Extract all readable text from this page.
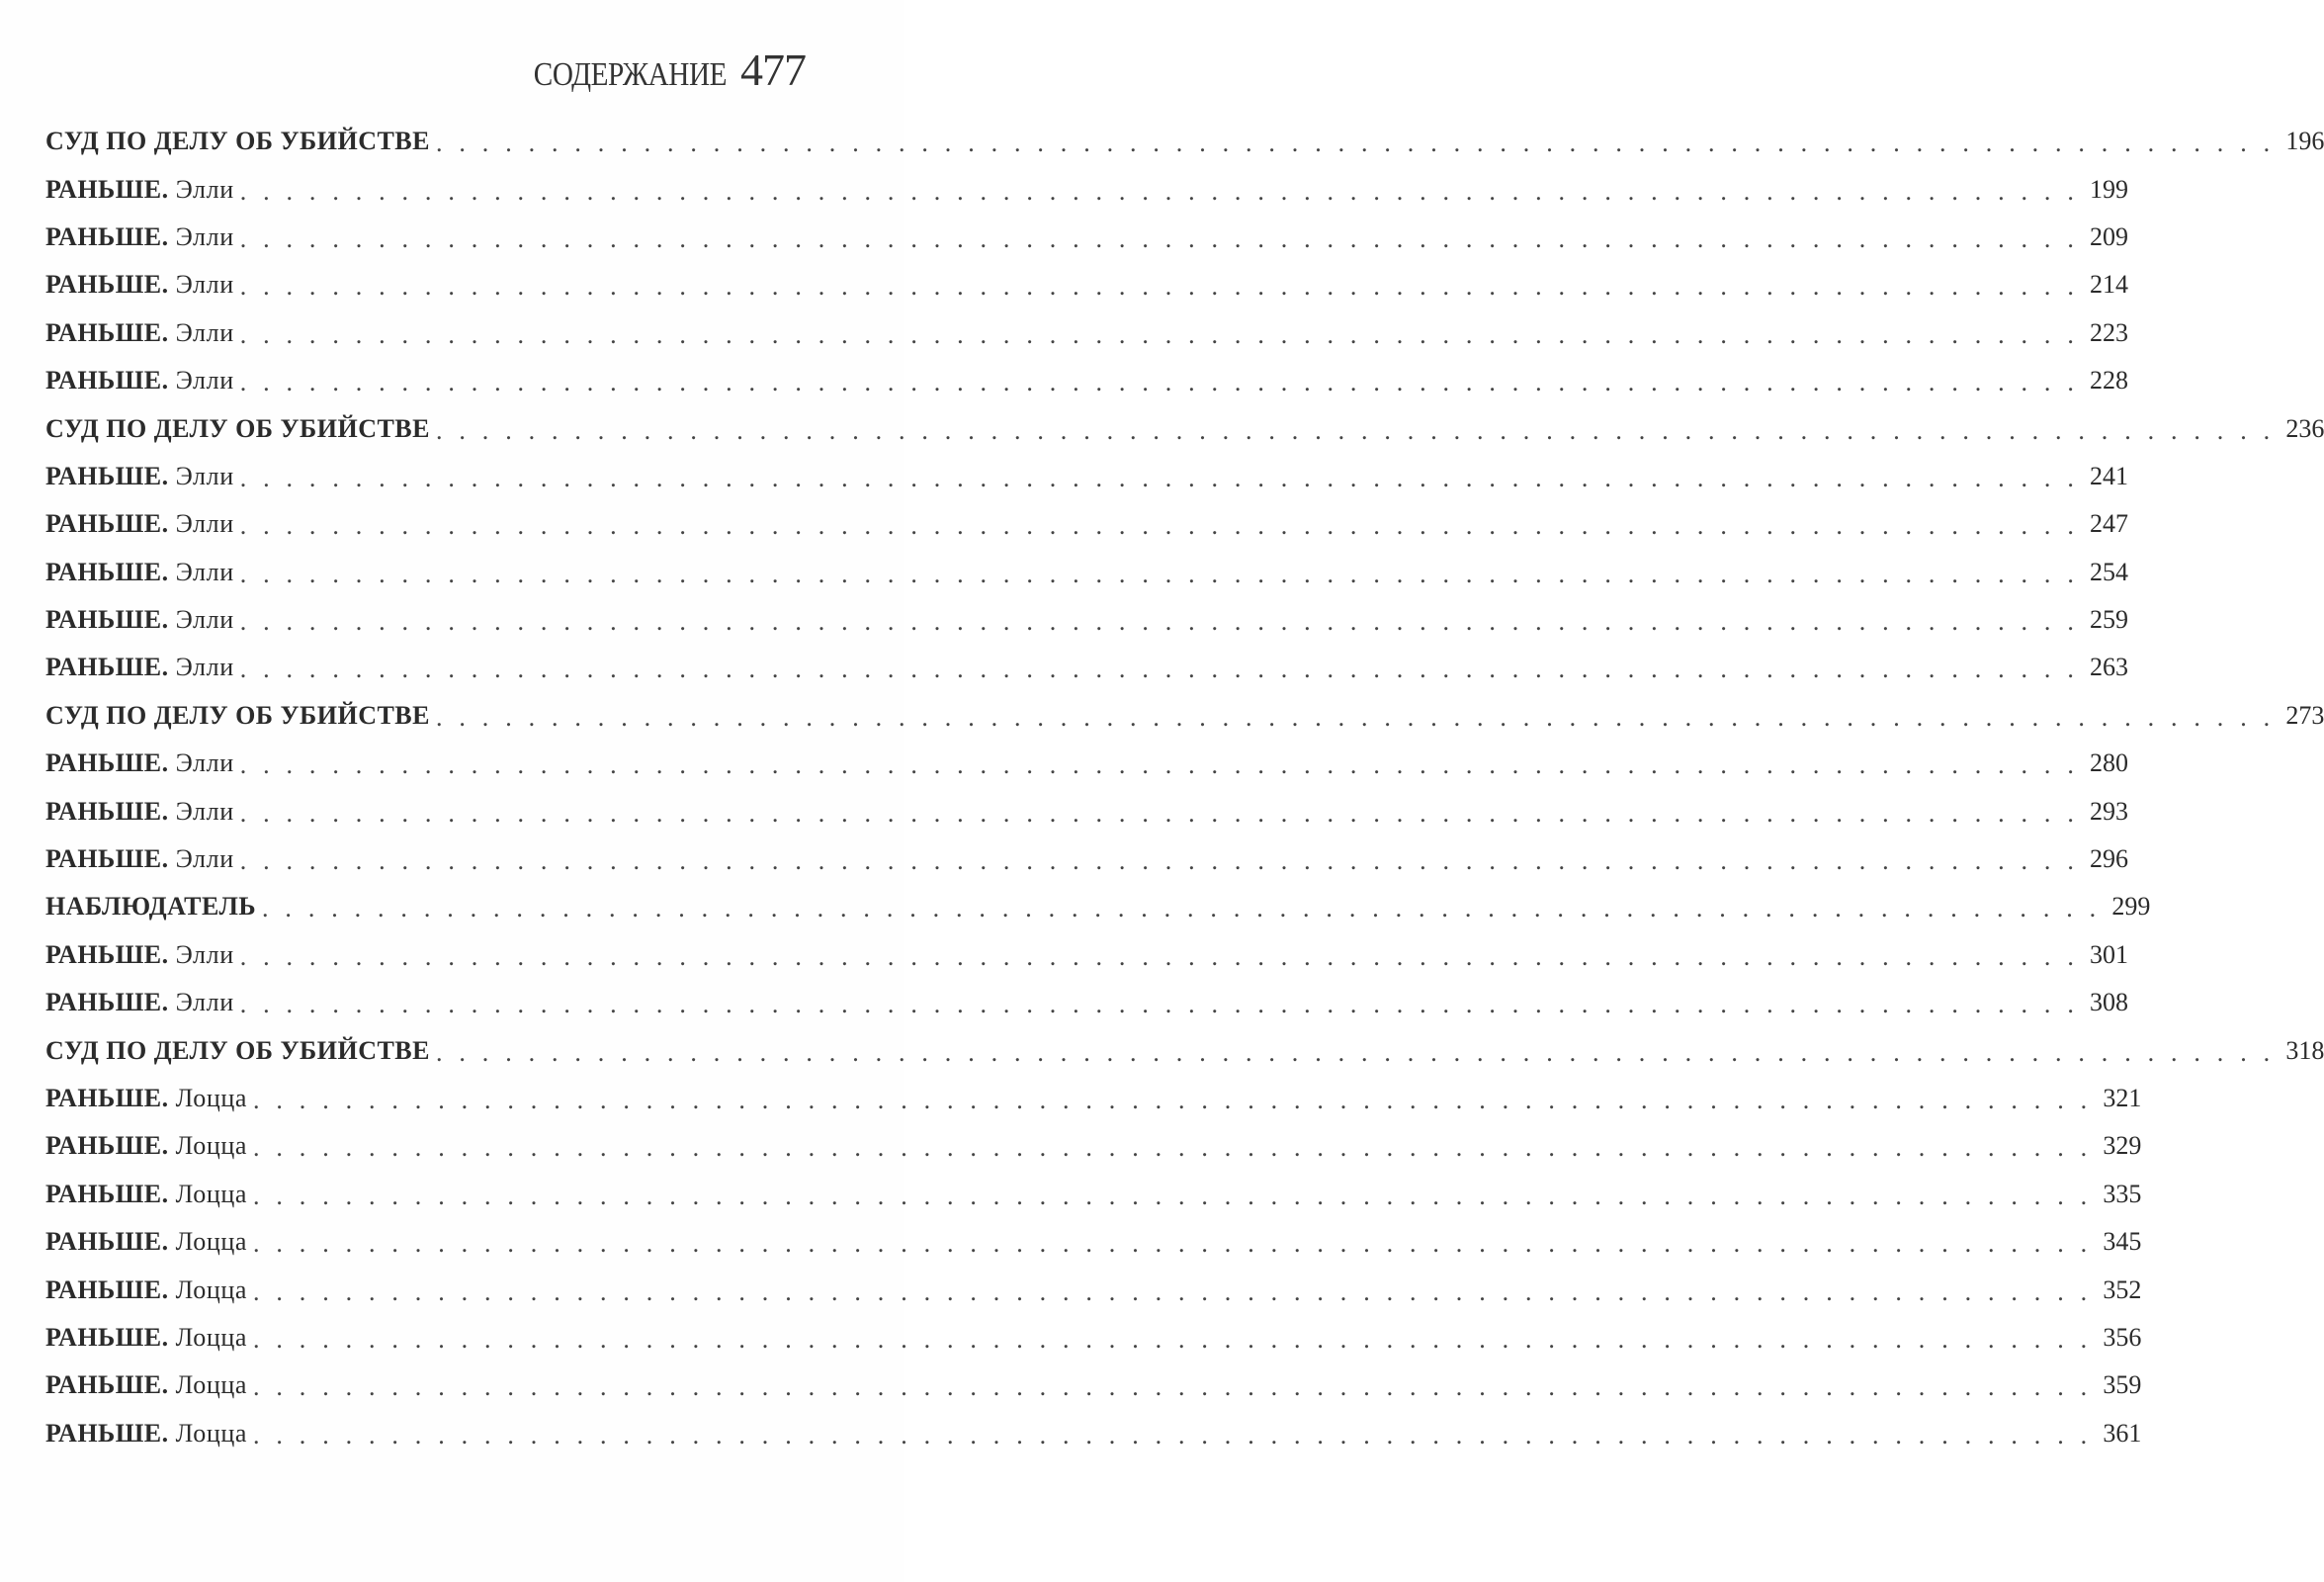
СОДЕРЖАНИЕ 477
СУД ПО ДЕЛУ ОБ УБИЙСТВЕ . . . . . . . . . . . . . . . . . . . . . . . . . . . . . . . . . . . . . . . . . . . . . . . . . . . . . . . . . . . . . . . . . . . . . . . . . . . . . . . . 196
РАНЬШЕ. Элли . . . . . . . . . . . . . . . . . . . . . . . . . . . . . . . . . . . . . . . . . . . . . . . . . . . . . . . . . . . . . . . . . . . . . . . . . . . . . . . . 199
РАНЬШЕ. Элли . . . . . . . . . . . . . . . . . . . . . . . . . . . . . . . . . . . . . . . . . . . . . . . . . . . . . . . . . . . . . . . . . . . . . . . . . . . . . . . . 209
РАНЬШЕ. Элли . . . . . . . . . . . . . . . . . . . . . . . . . . . . . . . . . . . . . . . . . . . . . . . . . . . . . . . . . . . . . . . . . . . . . . . . . . . . . . . . 214
РАНЬШЕ. Элли . . . . . . . . . . . . . . . . . . . . . . . . . . . . . . . . . . . . . . . . . . . . . . . . . . . . . . . . . . . . . . . . . . . . . . . . . . . . . . . . 223
РАНЬШЕ. Элли . . . . . . . . . . . . . . . . . . . . . . . . . . . . . . . . . . . . . . . . . . . . . . . . . . . . . . . . . . . . . . . . . . . . . . . . . . . . . . . . 228
СУД ПО ДЕЛУ ОБ УБИЙСТВЕ . . . . . . . . . . . . . . . . . . . . . . . . . . . . . . . . . . . . . . . . . . . . . . . . . . . . . . . . . . . . . . . . . . . . . . . . . . . . . . . . 236
РАНЬШЕ. Элли . . . . . . . . . . . . . . . . . . . . . . . . . . . . . . . . . . . . . . . . . . . . . . . . . . . . . . . . . . . . . . . . . . . . . . . . . . . . . . . . 241
РАНЬШЕ. Элли . . . . . . . . . . . . . . . . . . . . . . . . . . . . . . . . . . . . . . . . . . . . . . . . . . . . . . . . . . . . . . . . . . . . . . . . . . . . . . . . 247
РАНЬШЕ. Элли . . . . . . . . . . . . . . . . . . . . . . . . . . . . . . . . . . . . . . . . . . . . . . . . . . . . . . . . . . . . . . . . . . . . . . . . . . . . . . . . 254
РАНЬШЕ. Элли . . . . . . . . . . . . . . . . . . . . . . . . . . . . . . . . . . . . . . . . . . . . . . . . . . . . . . . . . . . . . . . . . . . . . . . . . . . . . . . . 259
РАНЬШЕ. Элли . . . . . . . . . . . . . . . . . . . . . . . . . . . . . . . . . . . . . . . . . . . . . . . . . . . . . . . . . . . . . . . . . . . . . . . . . . . . . . . . 263
СУД ПО ДЕЛУ ОБ УБИЙСТВЕ . . . . . . . . . . . . . . . . . . . . . . . . . . . . . . . . . . . . . . . . . . . . . . . . . . . . . . . . . . . . . . . . . . . . . . . . . . . . . . . . 273
РАНЬШЕ. Элли . . . . . . . . . . . . . . . . . . . . . . . . . . . . . . . . . . . . . . . . . . . . . . . . . . . . . . . . . . . . . . . . . . . . . . . . . . . . . . . . 280
РАНЬШЕ. Элли . . . . . . . . . . . . . . . . . . . . . . . . . . . . . . . . . . . . . . . . . . . . . . . . . . . . . . . . . . . . . . . . . . . . . . . . . . . . . . . . 293
РАНЬШЕ. Элли . . . . . . . . . . . . . . . . . . . . . . . . . . . . . . . . . . . . . . . . . . . . . . . . . . . . . . . . . . . . . . . . . . . . . . . . . . . . . . . . 296
НАБЛЮДАТЕЛЬ . . . . . . . . . . . . . . . . . . . . . . . . . . . . . . . . . . . . . . . . . . . . . . . . . . . . . . . . . . . . . . . . . . . . . . . . . . . . . . . . 299
РАНЬШЕ. Элли . . . . . . . . . . . . . . . . . . . . . . . . . . . . . . . . . . . . . . . . . . . . . . . . . . . . . . . . . . . . . . . . . . . . . . . . . . . . . . . . 301
РАНЬШЕ. Элли . . . . . . . . . . . . . . . . . . . . . . . . . . . . . . . . . . . . . . . . . . . . . . . . . . . . . . . . . . . . . . . . . . . . . . . . . . . . . . . . 308
СУД ПО ДЕЛУ ОБ УБИЙСТВЕ . . . . . . . . . . . . . . . . . . . . . . . . . . . . . . . . . . . . . . . . . . . . . . . . . . . . . . . . . . . . . . . . . . . . . . . . . . . . . . . . 318
РАНЬШЕ. Лоцца . . . . . . . . . . . . . . . . . . . . . . . . . . . . . . . . . . . . . . . . . . . . . . . . . . . . . . . . . . . . . . . . . . . . . . . . . . . . . . . . 321
РАНЬШЕ. Лоцца . . . . . . . . . . . . . . . . . . . . . . . . . . . . . . . . . . . . . . . . . . . . . . . . . . . . . . . . . . . . . . . . . . . . . . . . . . . . . . . . 329
РАНЬШЕ. Лоцца . . . . . . . . . . . . . . . . . . . . . . . . . . . . . . . . . . . . . . . . . . . . . . . . . . . . . . . . . . . . . . . . . . . . . . . . . . . . . . . . 335
РАНЬШЕ. Лоцца . . . . . . . . . . . . . . . . . . . . . . . . . . . . . . . . . . . . . . . . . . . . . . . . . . . . . . . . . . . . . . . . . . . . . . . . . . . . . . . . 345
РАНЬШЕ. Лоцца . . . . . . . . . . . . . . . . . . . . . . . . . . . . . . . . . . . . . . . . . . . . . . . . . . . . . . . . . . . . . . . . . . . . . . . . . . . . . . . . 352
РАНЬШЕ. Лоцца . . . . . . . . . . . . . . . . . . . . . . . . . . . . . . . . . . . . . . . . . . . . . . . . . . . . . . . . . . . . . . . . . . . . . . . . . . . . . . . . 356
РАНЬШЕ. Лоцца . . . . . . . . . . . . . . . . . . . . . . . . . . . . . . . . . . . . . . . . . . . . . . . . . . . . . . . . . . . . . . . . . . . . . . . . . . . . . . . . 359
РАНЬШЕ. Лоцца . . . . . . . . . . . . . . . . . . . . . . . . . . . . . . . . . . . . . . . . . . . . . . . . . . . . . . . . . . . . . . . . . . . . . . . . . . . . . . . . 361
